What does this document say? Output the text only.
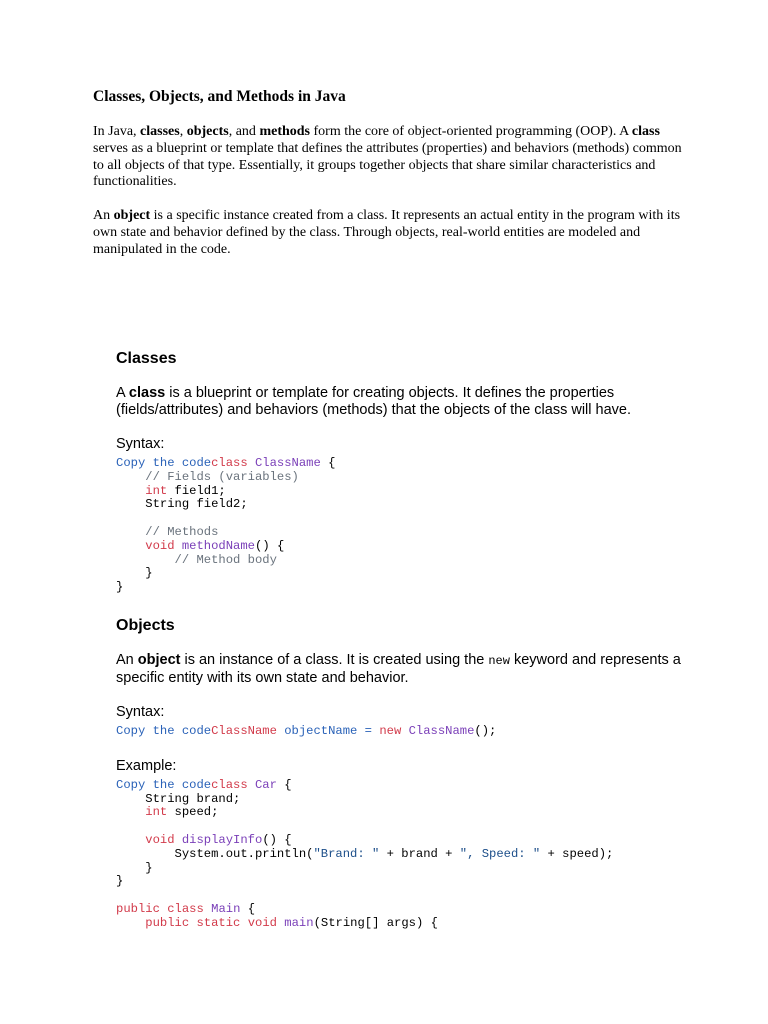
Classes, Objects, and Methods in Java

In Java, classes, objects, and methods form the core of object-oriented programming (OOP). A class serves as a blueprint or template that defines the attributes (properties) and behaviors (methods) common to all objects of that type. Essentially, it groups together objects that share similar characteristics and functionalities.

An object is a specific instance created from a class. It represents an actual entity in the program with its own state and behavior defined by the class. Through objects, real-world entities are modeled and manipulated in the code.

Classes

A class is a blueprint or template for creating objects. It defines the properties (fields/attributes) and behaviors (methods) that the objects of the class will have.

Syntax:

Copy the codeclass ClassName {
// Fields (variables)
int field1;
String field2;

// Methods
void methodName() {
// Method body
}
}
Objects

An object is an instance of a class. It is created using the new keyword and represents a specific entity with its own state and behavior.

Syntax:

Copy the codeClassName objectName = new ClassName();

Example:

Copy the codeclass Car {
String brand;
int speed;

void displayInfo() {
System.out.println("Brand: " + brand + ", Speed: " + speed);
}
}

public class Main {
public static void main(String[] args) {
